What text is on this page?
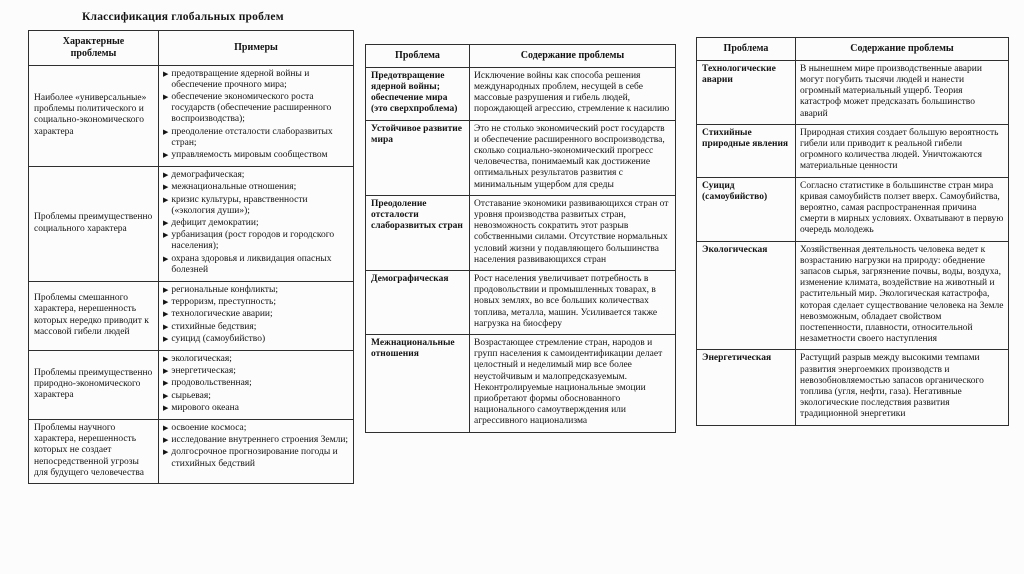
Классификация глобальных проблем
Характерные проблемы	Примеры
Наиболее «универсальные» проблемы политического и социально-экономического характера	
▶ предотвращение ядерной войны и обеспечение прочного мира;
▶ обеспечение экономического роста государств (обеспечение расширенного воспроизводства);
▶ преодоление отсталости слаборазвитых стран;
▶ управляемость мировым сообществом

Проблемы преимущественно социального характера	
▶ демографическая;
▶ межнациональные отношения;
▶ кризис культуры, нравственности («экология души»);
▶ дефицит демократии;
▶ урбанизация (рост городов и городского населения);
▶ охрана здоровья и ликвидация опасных болезней

Проблемы смешанного характера, нерешенность которых нередко приводит к массовой гибели людей	
▶ региональные конфликты;
▶ терроризм, преступность;
▶ технологические аварии;
▶ стихийные бедствия;
▶ суицид (самоубийство)

Проблемы преимущественно природно-экономического характера	
▶ экологическая;
▶ энергетическая;
▶ продовольственная;
▶ сырьевая;
▶ мирового океана

Проблемы научного характера, нерешенность которых не создает непосредственной угрозы для будущего человечества	
▶ освоение космоса;
▶ исследование внутреннего строения Земли;
▶ долгосрочное прогнозирование погоды и стихийных бедствий
Проблема	Содержание проблемы
Предотвращение ядерной войны; обеспечение мира (это сверхпроблема)	Исключение войны как способа решения международных проблем, несущей в себе массовые разрушения и гибель людей, порождающей агрессию, стремление к насилию
Устойчивое развитие мира	Это не столько экономический рост государств и обеспечение расширенного воспроизводства, сколько социально-экономический прогресс человечества, понимаемый как достижение оптимальных результатов развития с минимальным ущербом для среды
Преодоление отсталости слаборазвитых стран	Отставание экономики развивающихся стран от уровня производства развитых стран, невозможность сократить этот разрыв собственными силами. Отсутствие нормальных условий жизни у подавляющего большинства населения развивающихся стран
Демографическая	Рост населения увеличивает потребность в продовольствии и промышленных товарах, в новых землях, во все больших количествах топлива, металла, машин. Усиливается также нагрузка на биосферу
Межнациональные отношения	Возрастающее стремление стран, народов и групп населения к самоидентификации делает целостный и неделимый мир все более неустойчивым и малопредсказуемым. Неконтролируемые национальные эмоции приобретают формы обоснованного национального самоутверждения или агрессивного национализма
Проблема	Содержание проблемы
Технологические аварии	В нынешнем мире производственные аварии могут погубить тысячи людей и нанести огромный материальный ущерб. Теория катастроф может предсказать большинство аварий
Стихийные природные явления	Природная стихия создает большую вероятность гибели или приводит к реальной гибели огромного количества людей. Уничтожаются материальные ценности
Суицид (самоубийство)	Согласно статистике в большинстве стран мира кривая самоубийств ползет вверх. Самоубийства, вероятно, самая распространенная причина смерти в мирных условиях. Охватывают в первую очередь молодежь
Экологическая	Хозяйственная деятельность человека ведет к возрастанию нагрузки на природу: обеднение запасов сырья, загрязнение почвы, воды, воздуха, изменение климата, воздействие на животный и растительный мир. Экологическая катастрофа, которая сделает существование человека на Земле невозможным, обладает свойством постепенности, плавности, относительной незаметности своего наступления
Энергетическая	Растущий разрыв между высокими темпами развития энергоемких производств и невозобновляемостью запасов органического топлива (угля, нефти, газа). Негативные экологические последствия развития традиционной энергетики
